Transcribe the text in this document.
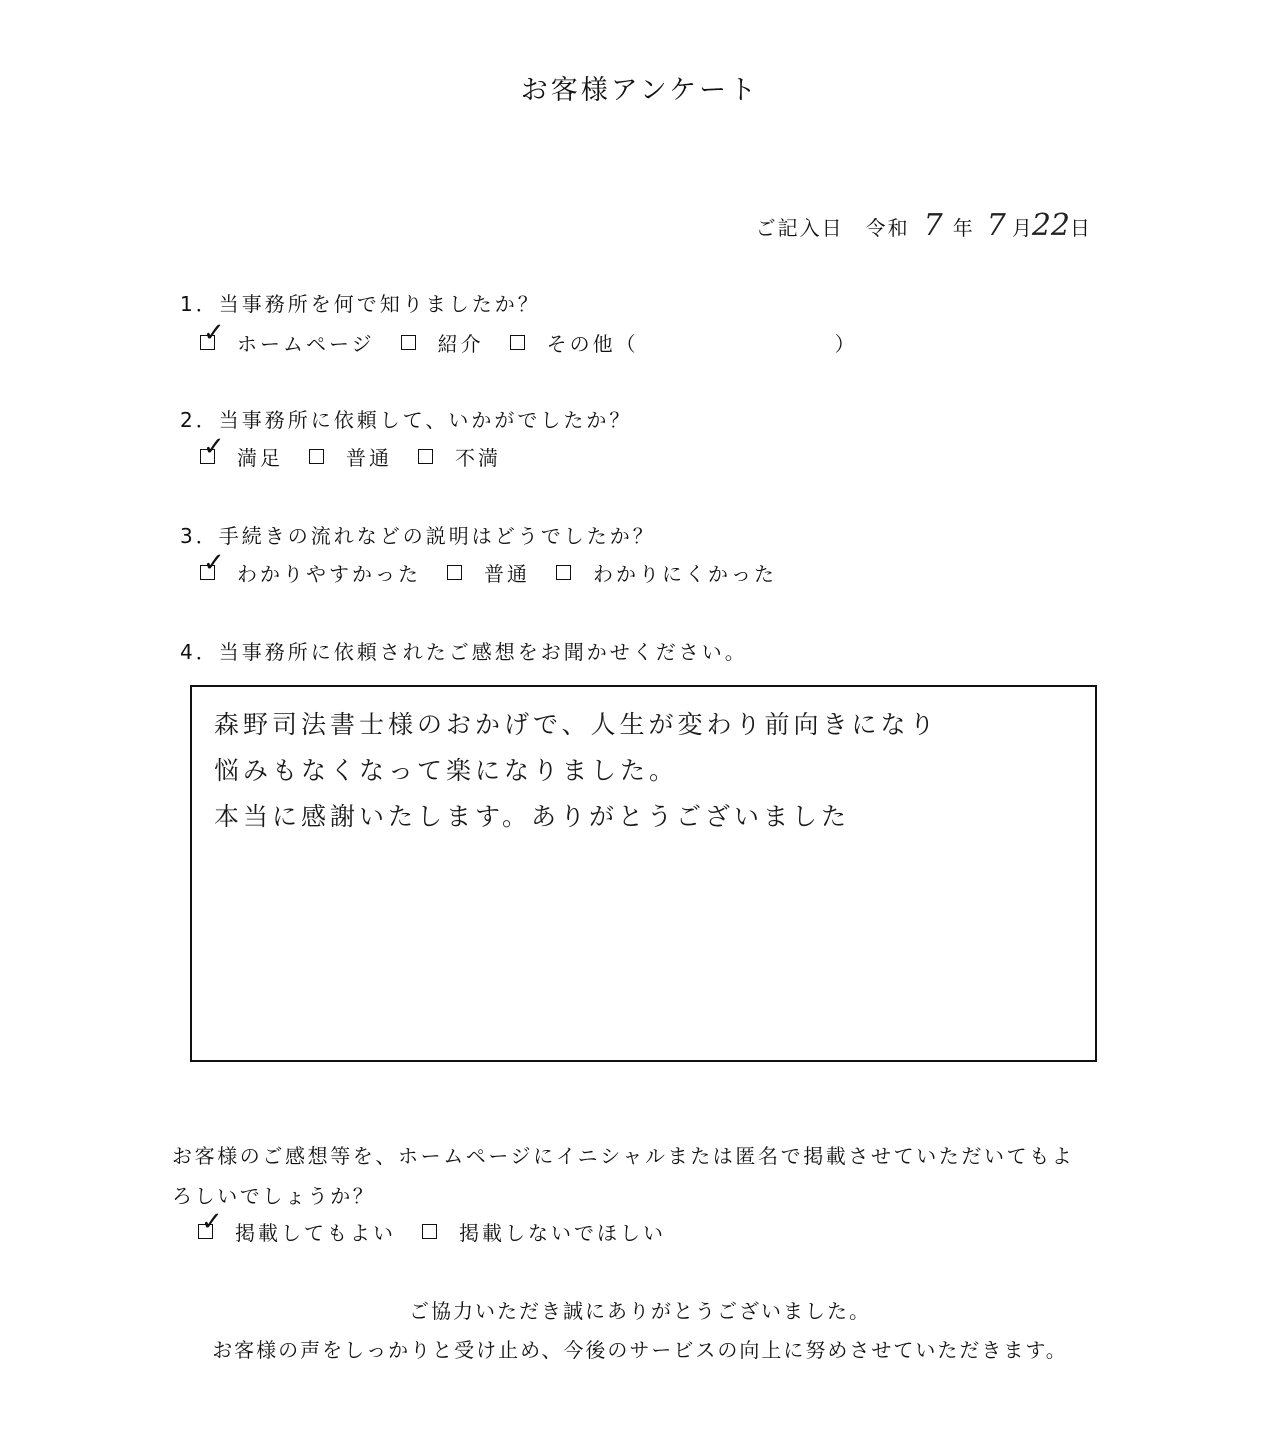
お客様アンケート
ご記入日 令和 7 年 7 月 22 日
1．当事務所を何で知りましたか？
✓ ホームページ	紹介	その他（	）
2．当事務所に依頼して、いかがでしたか？
✓ 満足	普通	不満
3．手続きの流れなどの説明はどうでしたか？
✓ わかりやすかった	普通	わかりにくかった
4．当事務所に依頼されたご感想をお聞かせください。
森野司法書士様のおかげで、人生が変わり前向きになり
悩みもなくなって楽になりました。
本当に感謝いたします。ありがとうございました
お客様のご感想等を、ホームページにイニシャルまたは匿名で掲載させていただいてもよ
ろしいでしょうか？
✓ 掲載してもよい	掲載しないでほしい
ご協力いただき誠にありがとうございました。
お客様の声をしっかりと受け止め、今後のサービスの向上に努めさせていただきます。
